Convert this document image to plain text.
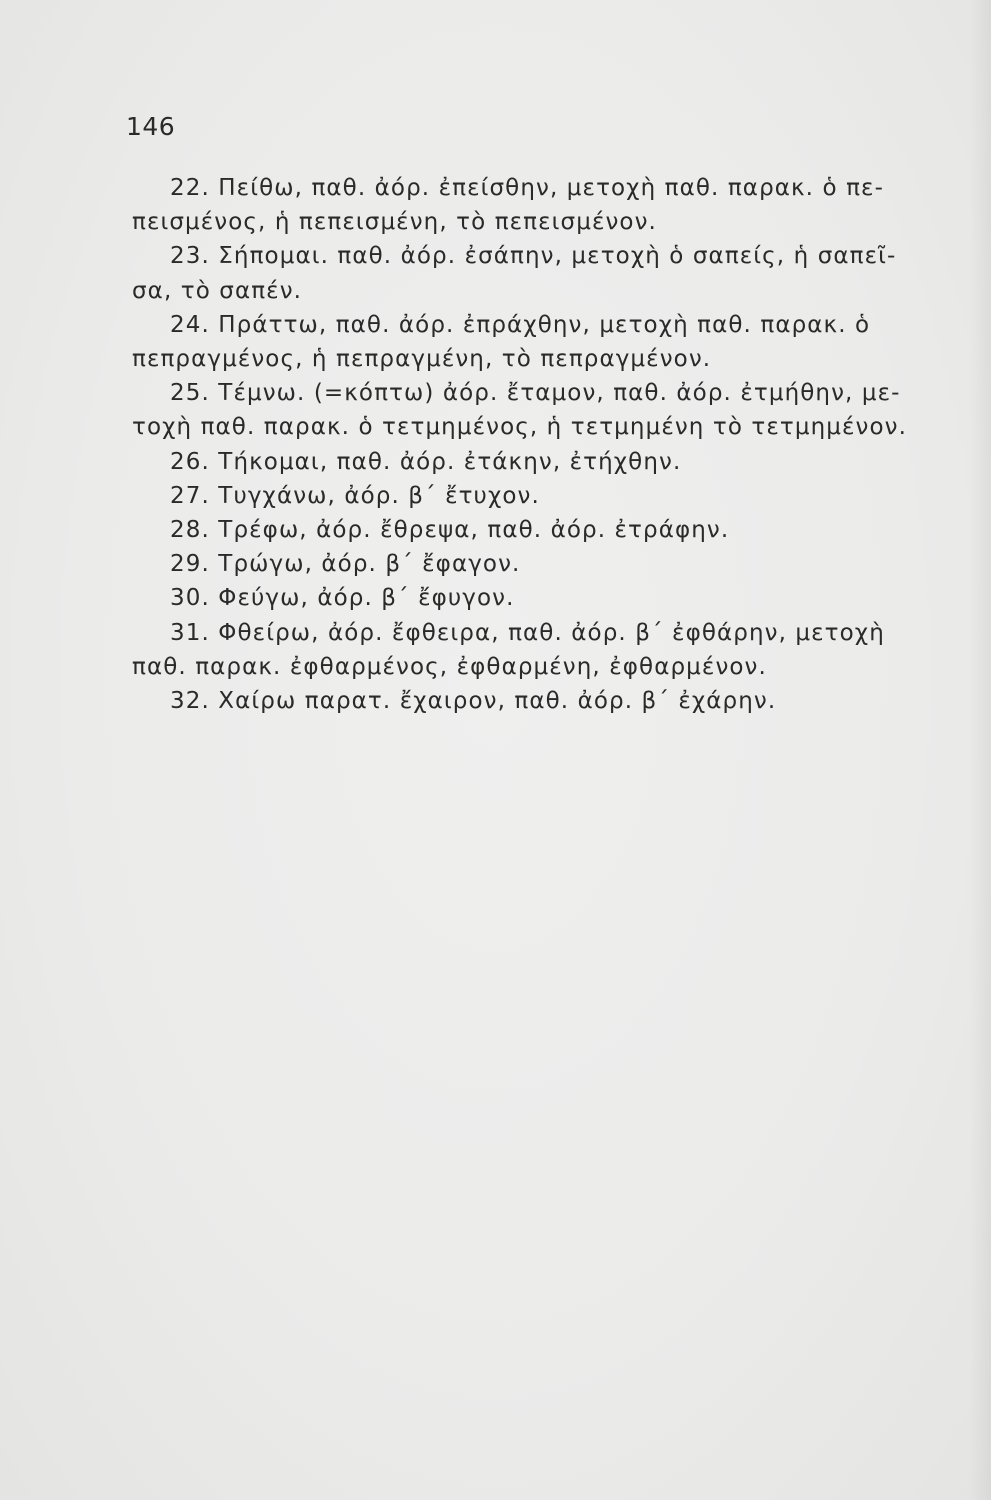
146
22. Πείθω, παθ. ἀόρ. ἐπείσθην, μετοχὴ παθ. παρακ. ὁ πε-
πεισμένος, ἡ πεπεισμένη, τὸ πεπεισμένον.
23. Σήπομαι. παθ. ἀόρ. ἐσάπην, μετοχὴ ὁ σαπείς, ἡ σαπεῖ-
σα, τὸ σαπέν.
24. Πράττω, παθ. ἀόρ. ἐπράχθην, μετοχὴ παθ. παρακ. ὁ
πεπραγμένος, ἡ πεπραγμένη, τὸ πεπραγμένον.
25. Τέμνω. (=κόπτω) ἀόρ. ἔταμον, παθ. ἀόρ. ἐτμήθην, με-
τοχὴ παθ. παρακ. ὁ τετμημένος, ἡ τετμημένη τὸ τετμημένον.
26. Τήκομαι, παθ. ἀόρ. ἐτάκην, ἐτήχθην.
27. Τυγχάνω, ἀόρ. β΄ ἔτυχον.
28. Τρέφω, ἀόρ. ἔθρεψα, παθ. ἀόρ. ἐτράφην.
29. Τρώγω, ἀόρ. β΄ ἔφαγον.
30. Φεύγω, ἀόρ. β΄ ἔφυγον.
31. Φθείρω, ἀόρ. ἔφθειρα, παθ. ἀόρ. β΄ ἐφθάρην, μετοχὴ
παθ. παρακ. ἐφθαρμένος, ἐφθαρμένη, ἐφθαρμένον.
32. Χαίρω παρατ. ἔχαιρον, παθ. ἀόρ. β΄ ἐχάρην.
